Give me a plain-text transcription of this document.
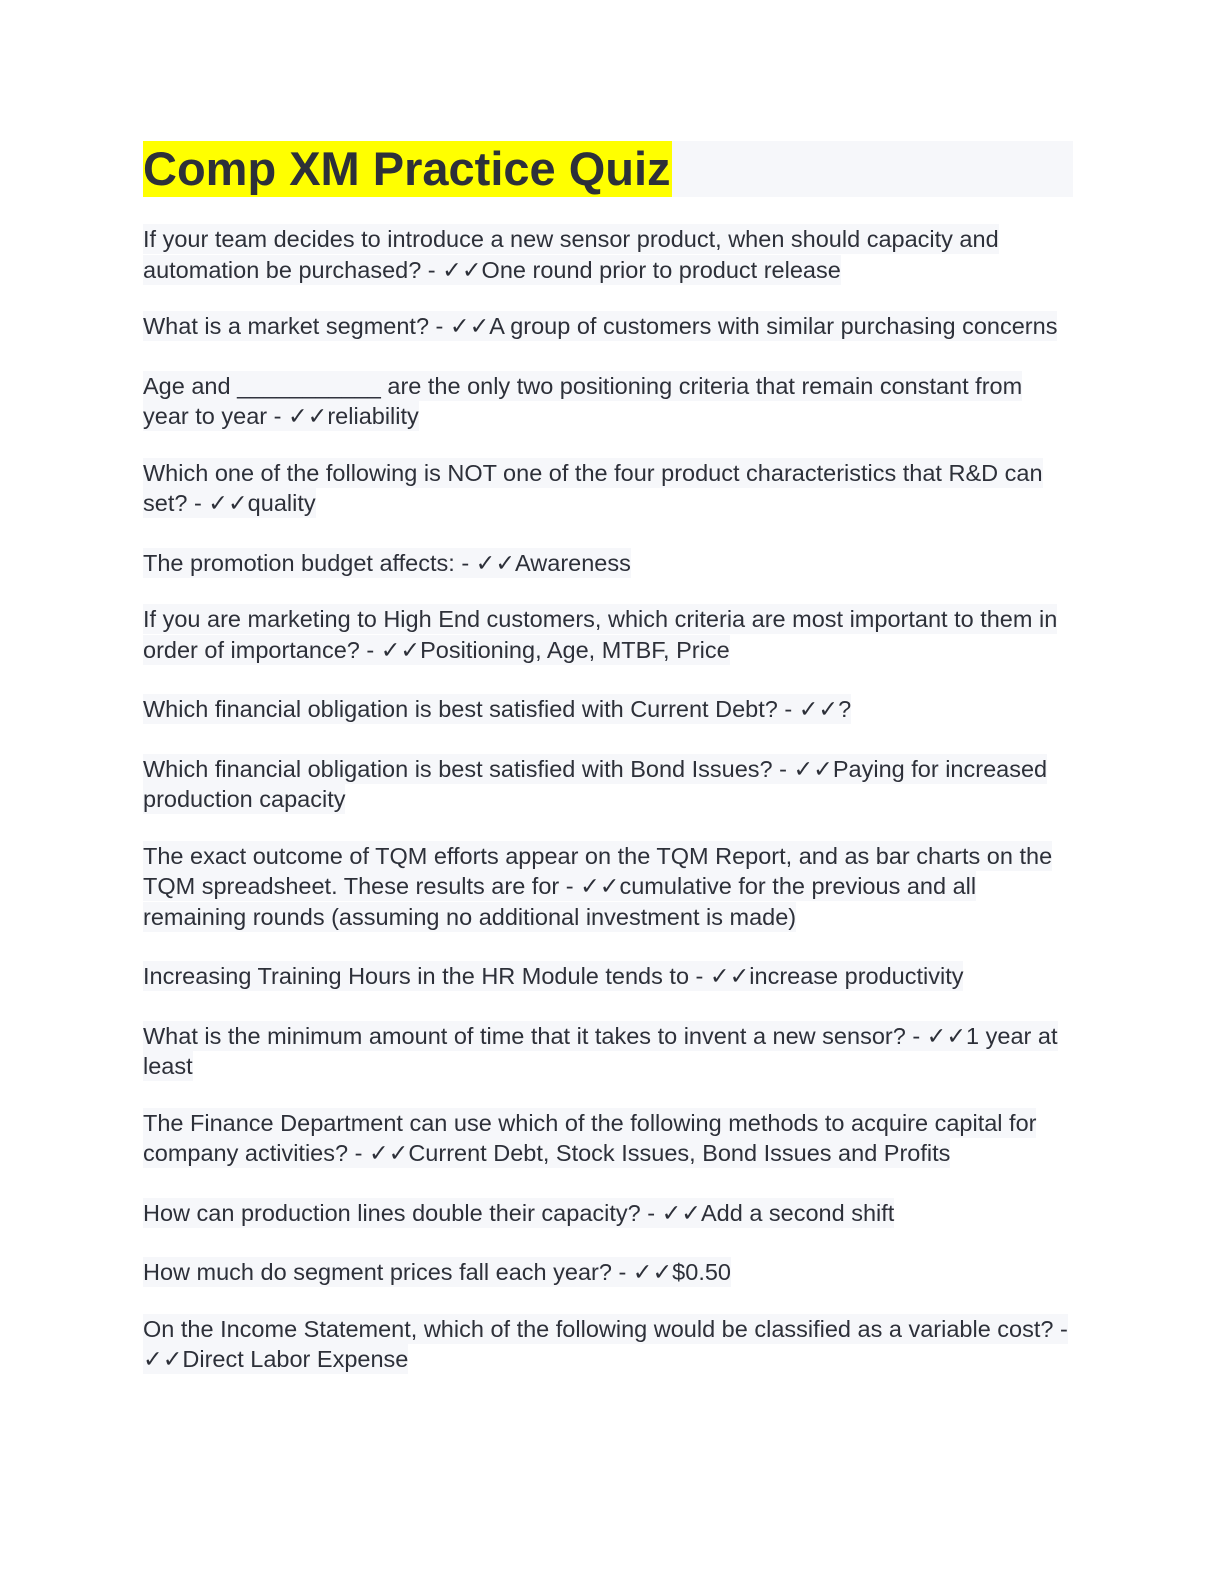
Comp XM Practice Quiz

If your team decides to introduce a new sensor product, when should capacity and automation be purchased? - ✓✓One round prior to product release

What is a market segment? - ✓✓A group of customers with similar purchasing concerns

Age and ___________ are the only two positioning criteria that remain constant from year to year - ✓✓reliability

Which one of the following is NOT one of the four product characteristics that R&D can set? - ✓✓quality

The promotion budget affects: - ✓✓Awareness

If you are marketing to High End customers, which criteria are most important to them in order of importance? - ✓✓Positioning, Age, MTBF, Price

Which financial obligation is best satisfied with Current Debt? - ✓✓?

Which financial obligation is best satisfied with Bond Issues? - ✓✓Paying for increased production capacity

The exact outcome of TQM efforts appear on the TQM Report, and as bar charts on the TQM spreadsheet. These results are for - ✓✓cumulative for the previous and all remaining rounds (assuming no additional investment is made)

Increasing Training Hours in the HR Module tends to - ✓✓increase productivity

What is the minimum amount of time that it takes to invent a new sensor? - ✓✓1 year at least

The Finance Department can use which of the following methods to acquire capital for company activities? - ✓✓Current Debt, Stock Issues, Bond Issues and Profits

How can production lines double their capacity? - ✓✓Add a second shift

How much do segment prices fall each year? - ✓✓$0.50

On the Income Statement, which of the following would be classified as a variable cost? - ✓✓Direct Labor Expense
